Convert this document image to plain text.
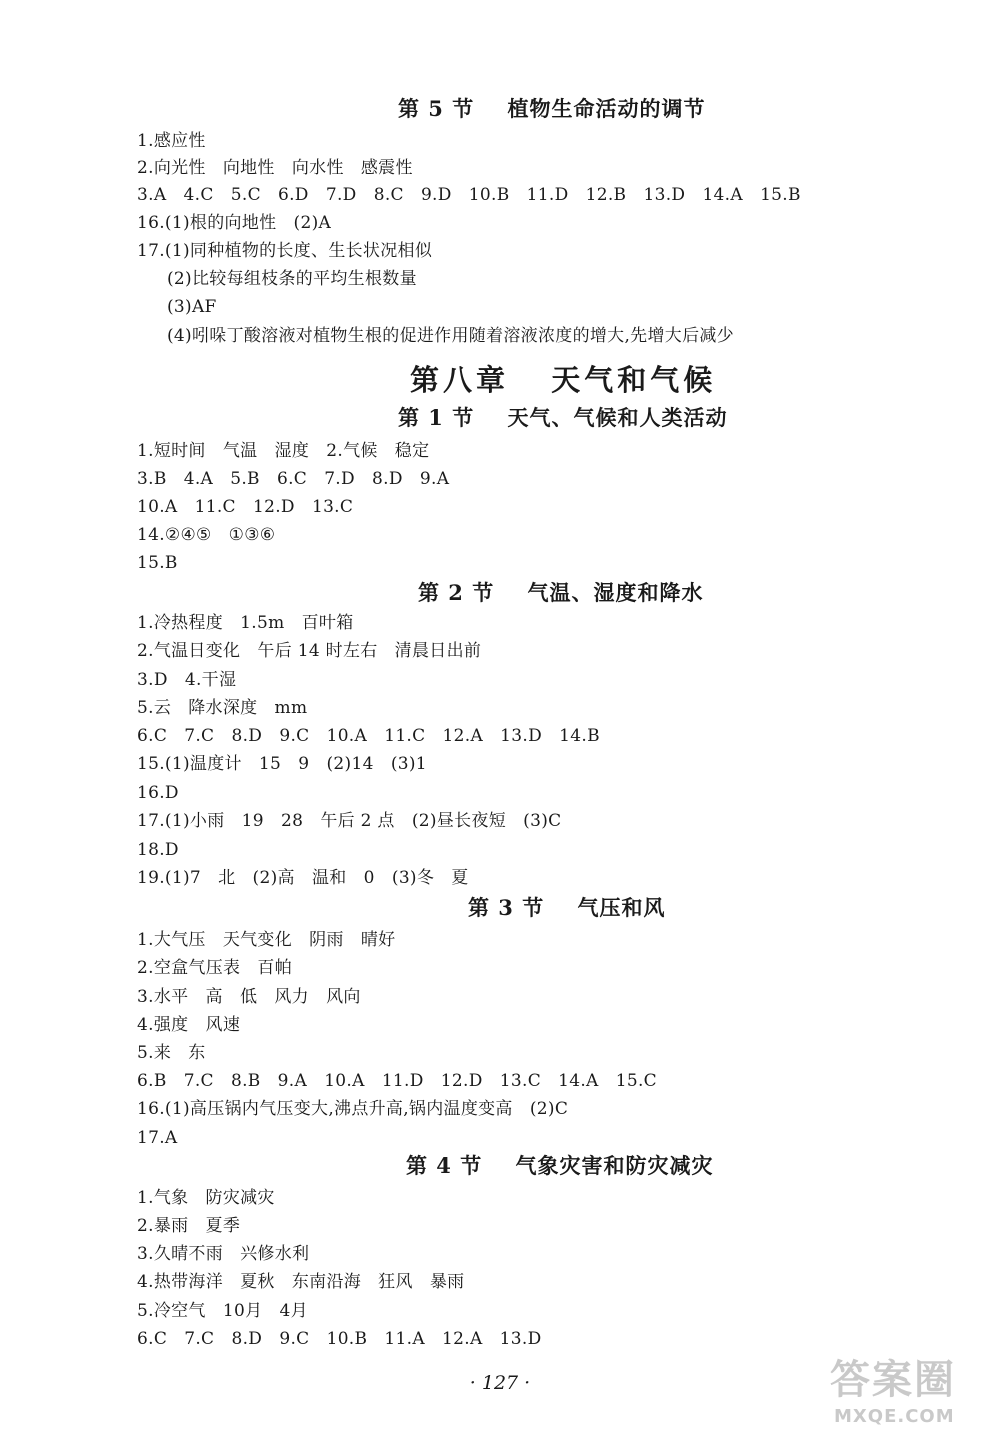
第 5 节    植物生命活动的调节
1.感应性
2.向光性   向地性   向水性   感震性
3.A   4.C   5.C   6.D   7.D   8.C   9.D   10.B   11.D   12.B   13.D   14.A   15.B
16.(1)根的向地性   (2)A
17.(1)同种植物的长度、生长状况相似
(2)比较每组枝条的平均生根数量
(3)AF
(4)吲哚丁酸溶液对植物生根的促进作用随着溶液浓度的增大,先增大后减少
第八章   天气和气候
第 1 节    天气、气候和人类活动
1.短时间   气温   湿度   2.气候   稳定
3.B   4.A   5.B   6.C   7.D   8.D   9.A
10.A   11.C   12.D   13.C
14.②④⑤   ①③⑥
15.B
第 2 节    气温、湿度和降水
1.冷热程度   1.5m   百叶箱
2.气温日变化   午后 14 时左右   清晨日出前
3.D   4.干湿
5.云   降水深度   mm
6.C   7.C   8.D   9.C   10.A   11.C   12.A   13.D   14.B
15.(1)温度计   15   9   (2)14   (3)1
16.D
17.(1)小雨   19   28   午后 2 点   (2)昼长夜短   (3)C
18.D
19.(1)7   北   (2)高   温和   0   (3)冬   夏
第 3 节    气压和风
1.大气压   天气变化   阴雨   晴好
2.空盒气压表   百帕
3.水平   高   低   风力   风向
4.强度   风速
5.来   东
6.B   7.C   8.B   9.A   10.A   11.D   12.D   13.C   14.A   15.C
16.(1)高压锅内气压变大,沸点升高,锅内温度变高   (2)C
17.A
第 4 节    气象灾害和防灾减灾
1.气象   防灾减灾
2.暴雨   夏季
3.久晴不雨   兴修水利
4.热带海洋   夏秋   东南沿海   狂风   暴雨
5.冷空气   10月   4月
6.C   7.C   8.D   9.C   10.B   11.A   12.A   13.D
· 127 ·	答案圈
MXQE.COM
